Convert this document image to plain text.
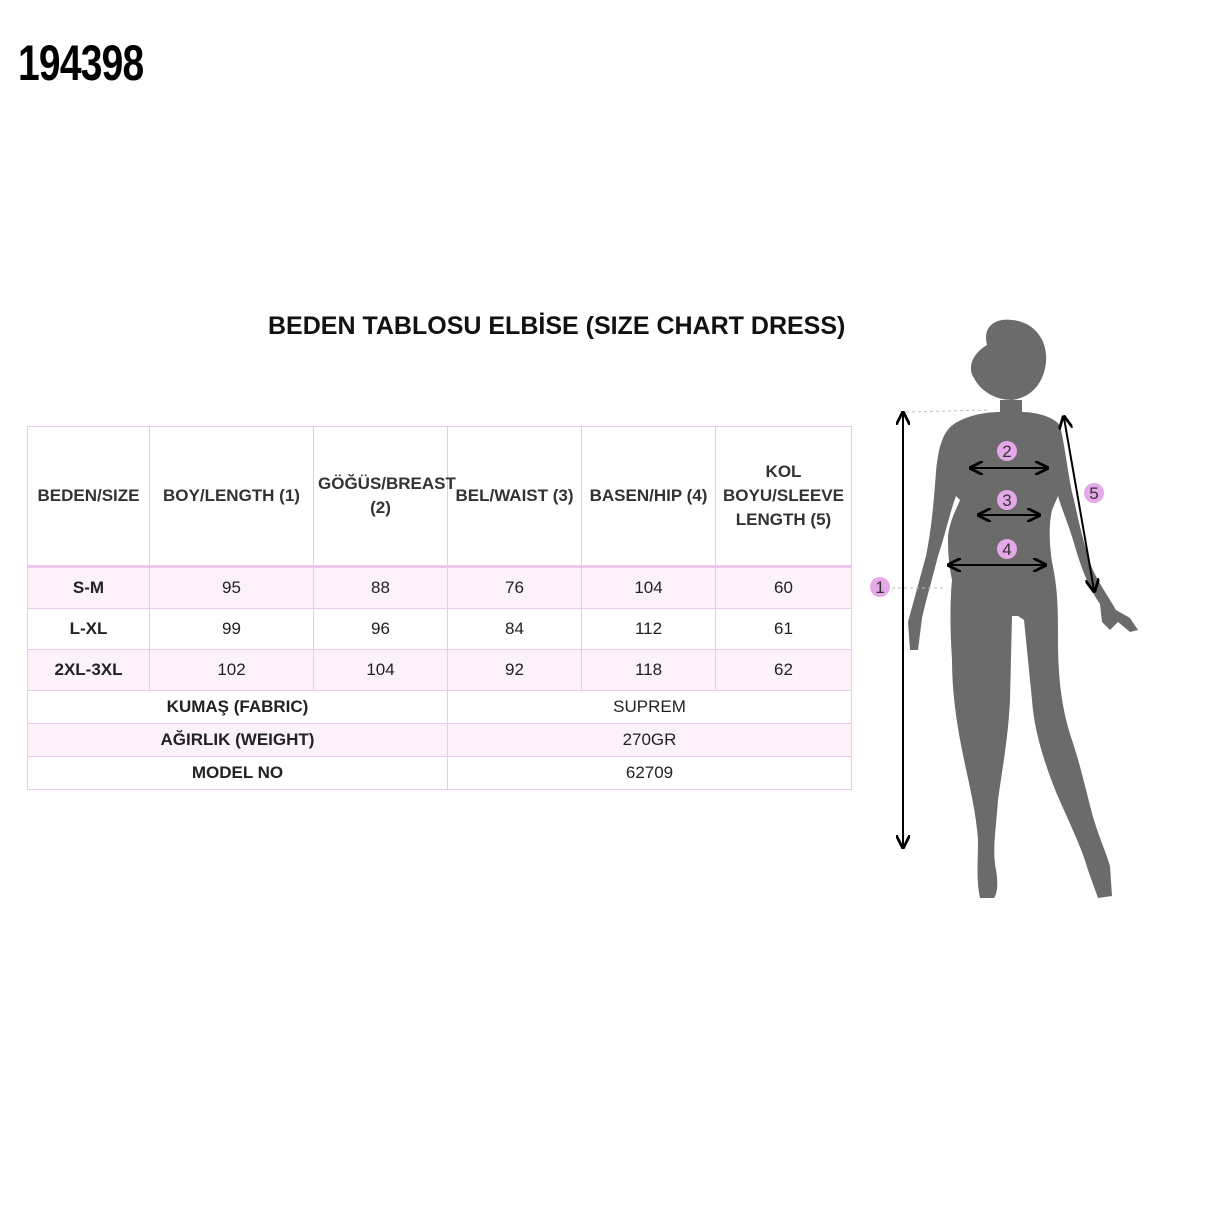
194398
BEDEN TABLOSU ELBİSE (SIZE CHART DRESS)
BEDEN/SIZE	BOY/LENGTH (1)	GÖĞÜS/BREAST (2)	BEL/WAIST (3)	BASEN/HIP (4)	KOL BOYU/SLEEVE LENGTH (5)
S-M	95	88	76	104	60
L-XL	99	96	84	112	61
2XL-3XL	102	104	92	118	62
KUMAŞ (FABRIC)			SUPREM		
AĞIRLIK (WEIGHT)			270GR		
MODEL NO			62709		
1
2
3
4
5
